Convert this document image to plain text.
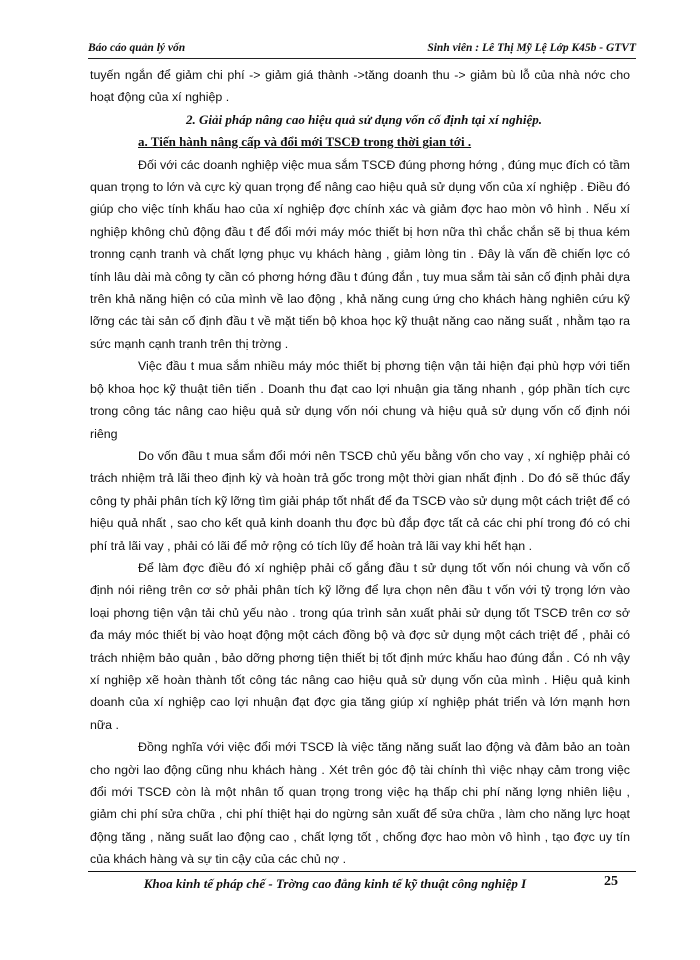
Báo cáo quản lý vốn	Sinh viên : Lê Thị Mỹ Lệ Lớp K45b - GTVT

tuyến ngắn để giảm chi phí -> giảm giá thành ->tăng doanh thu -> giảm bù lỗ của nhà nớc cho hoạt động của xí nghiệp .

2. Giải pháp nâng cao hiệu quả sử dụng vốn cố định tại xí nghiệp.

a. Tiến hành nâng cấp và đổi mới TSCĐ trong thời gian tới .

Đối với các doanh nghiệp việc mua sắm TSCĐ đúng phơng hớng , đúng mục đích có tầm quan trọng to lớn và cực kỳ quan trọng để nâng cao hiệu quả sử dụng vốn của xí nghiệp . Điều đó giúp cho việc tính khấu hao của xí nghiệp đợc chính xác và giảm đợc hao mòn vô hình . Nếu xí nghiệp không chủ động đầu t để đổi mới máy móc thiết bị hơn nữa thì chắc chắn sẽ bị thua kém tronng cạnh tranh và chất lợng phục vụ khách hàng , giảm lòng tin . Đây là vấn đề chiến lợc có tính lâu dài mà công ty cần có phơng hớng đầu t đúng đắn , tuy mua sắm tài sản cố định phải dựa trên khả năng hiện có của mình về lao động , khả năng cung ứng cho khách hàng nghiên cứu kỹ lỡng các tài sản cố định đầu t về mặt tiến bộ khoa học kỹ thuật năng cao năng suất , nhằm tạo ra sức mạnh cạnh tranh trên thị trờng .

Việc đầu t mua sắm nhiều máy móc thiết bị phơng tiện vận tải hiện đại phù hợp với tiến bộ khoa học kỹ thuật tiên tiến . Doanh thu đạt cao lợi nhuận gia tăng nhanh , góp phần tích cực trong công tác nâng cao hiệu quả sử dụng vốn nói chung và hiệu quả sử dụng vốn cố định nói riêng

Do vốn đầu t mua sắm đổi mới nên TSCĐ chủ yếu bằng vốn cho vay , xí nghiệp phải có trách nhiệm trả lãi theo định kỳ và hoàn trả gốc trong một thời gian nhất định . Do đó sẽ thúc đẩy công ty phải phân tích kỹ lỡng tìm giải pháp tốt nhất để đa TSCĐ vào sử dụng một cách triệt để có hiệu quả nhất , sao cho kết quả kinh doanh thu đợc bù đắp đợc tất cả các chi phí trong đó có chi phí trả lãi vay , phải có lãi để mở rộng có tích lũy để hoàn trả lãi vay khi hết hạn .

Để làm đợc điều đó xí nghiệp phải cố gắng đầu t sử dụng tốt vốn nói chung và vốn cố định nói riêng trên cơ sở phải phân tích kỹ lỡng để lựa chọn nên đầu t vốn với tỷ trọng lớn vào loại phơng tiện vận tải chủ yếu nào . trong qúa trình sản xuất phải sử dụng tốt TSCĐ trên cơ sở đa máy móc thiết bị vào hoạt động một cách đồng bộ và đợc sử dụng một cách triệt để , phải có trách nhiệm bảo quản , bảo dỡng phơng tiện thiết bị tốt định mức khấu hao đúng đắn . Có nh vậy xí nghiệp xẽ hoàn thành tốt công tác nâng cao hiệu quả sử dụng vốn của mình . Hiệu quả kinh doanh của xí nghiệp cao lợi nhuận đạt đợc gia tăng giúp xí nghiệp phát triển và lớn mạnh hơn nữa .

Đồng nghĩa với việc đổi mới TSCĐ là việc tăng năng suất lao động và đảm bảo an toàn cho ngời lao động cũng nhu khách hàng . Xét trên góc độ tài chính thì việc nhạy cảm trong việc đổi mới TSCĐ còn là một nhân tố quan trọng trong việc hạ thấp chi phí năng lợng nhiên liệu , giảm chi phí sửa chữa , chi phí thiệt hại do ngừng sản xuất để sửa chữa , làm cho năng lực hoạt động tăng , năng suất lao động cao , chất lợng tốt , chống đợc hao mòn vô hình , tạo đợc uy tín của khách hàng và sự tin cậy của các chủ nợ .

Khoa kinh tế pháp chế - Trờng cao đẳng kinh tế kỹ thuật công nghiệp I	25
